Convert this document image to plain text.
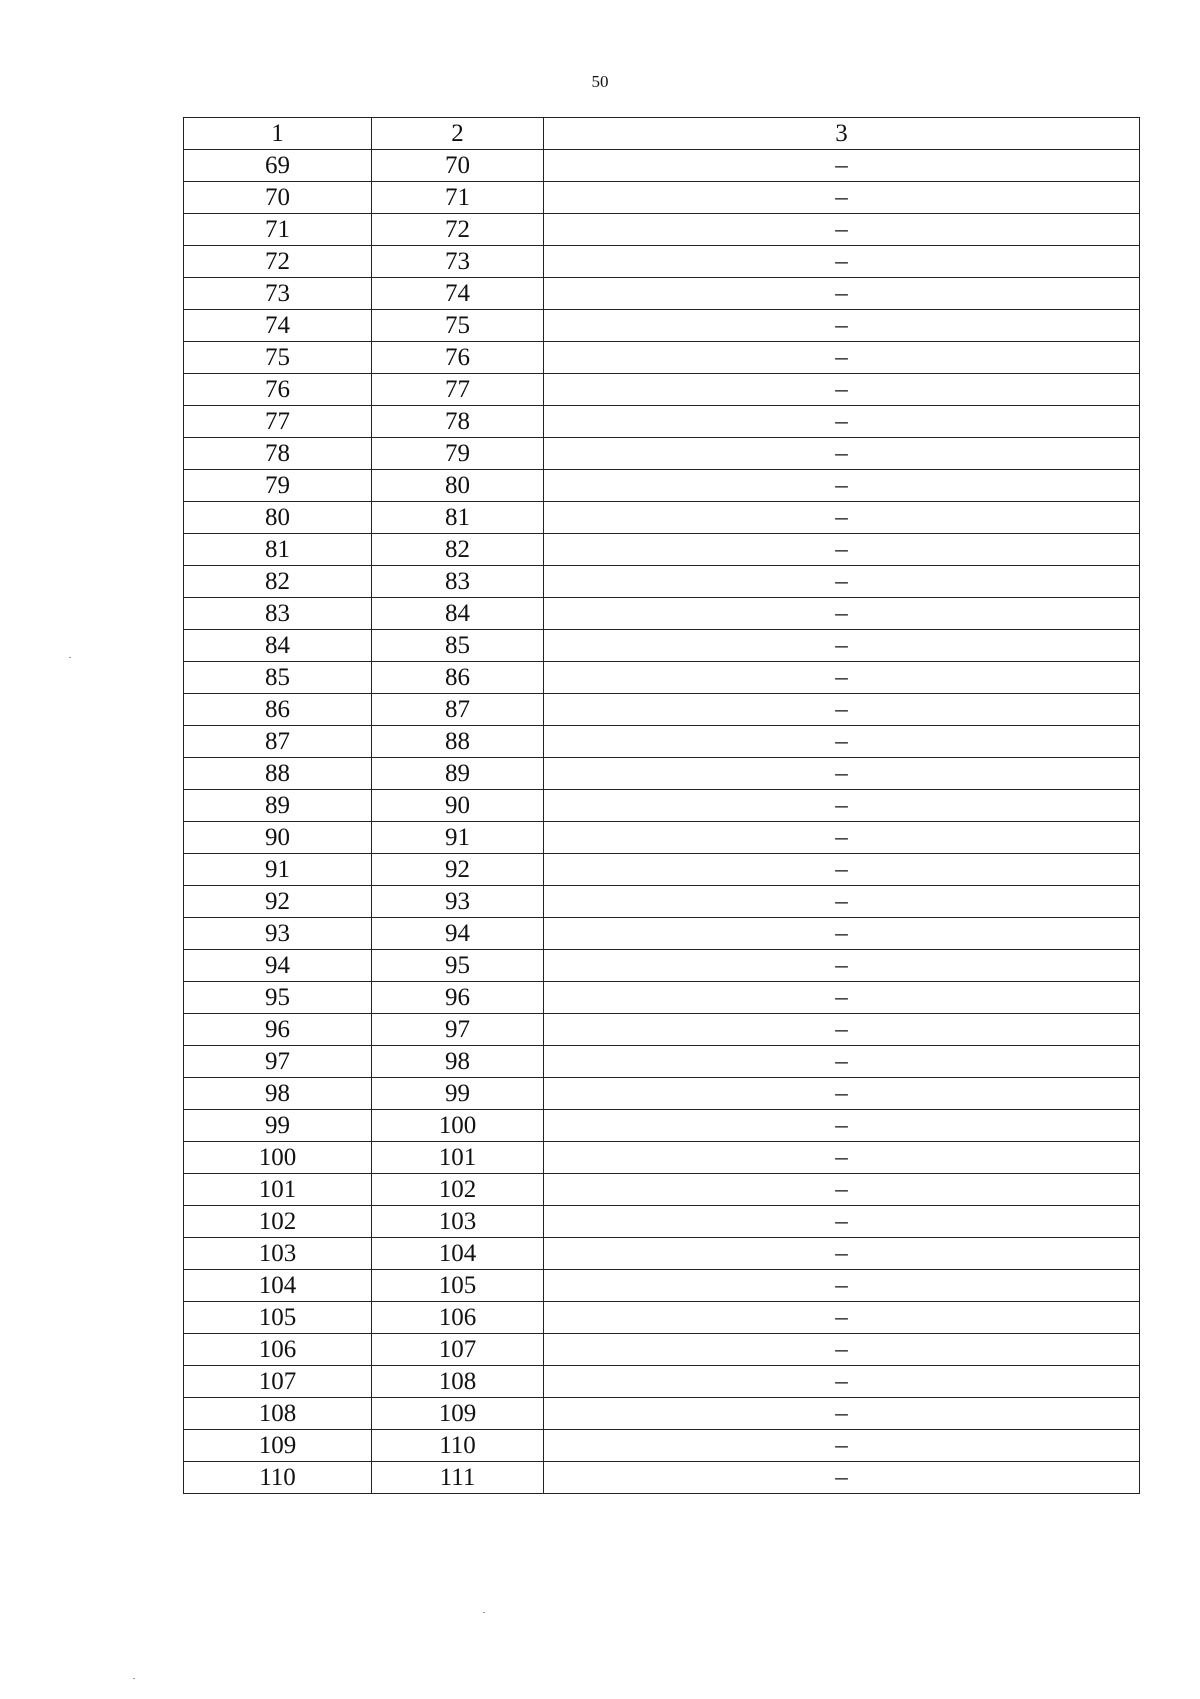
50
1	2	3
69	70	–
70	71	–
71	72	–
72	73	–
73	74	–
74	75	–
75	76	–
76	77	–
77	78	–
78	79	–
79	80	–
80	81	–
81	82	–
82	83	–
83	84	–
84	85	–
85	86	–
86	87	–
87	88	–
88	89	–
89	90	–
90	91	–
91	92	–
92	93	–
93	94	–
94	95	–
95	96	–
96	97	–
97	98	–
98	99	–
99	100	–
100	101	–
101	102	–
102	103	–
103	104	–
104	105	–
105	106	–
106	107	–
107	108	–
108	109	–
109	110	–
110	111	–
